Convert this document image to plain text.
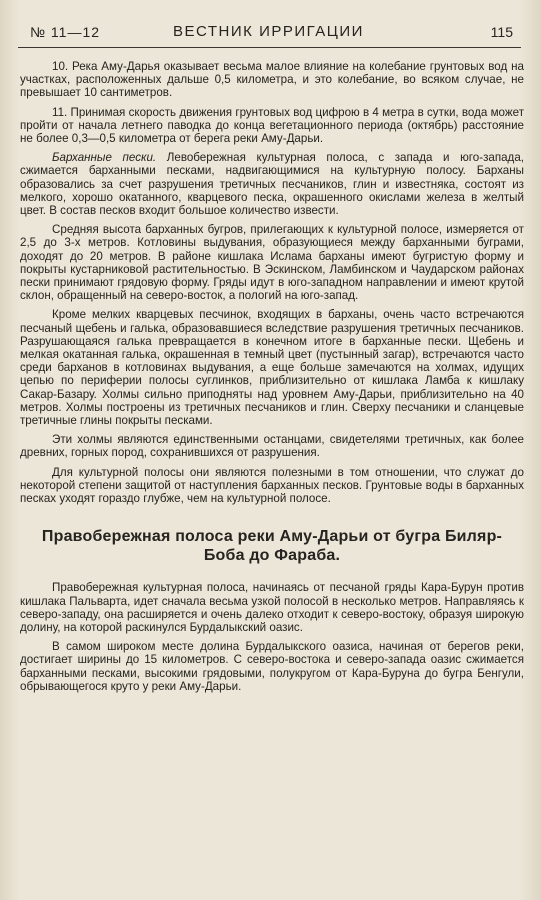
№ 11—12	ВЕСТНИК ИРРИГАЦИИ	115

10. Река Аму-Дарья оказывает весьма малое влияние на колебание грунтовых вод на участках, расположенных дальше 0,5 километра, и это колебание, во всяком случае, не превышает 10 сантиметров.

11. Принимая скорость движения грунтовых вод цифрою в 4 метра в сутки, вода может пройти от начала летнего паводка до конца вегетационного периода (октябрь) расстояние не более 0,3—0,5 километра от берега реки Аму-Дарьи.

Барханные пески. Левобережная культурная полоса, с запада и юго-запада, сжимается барханными песками, надвигающимися на культурную полосу. Барханы образовались за счет разрушения третичных песчаников, глин и известняка, состоят из мелкого, хорошо окатанного, кварцевого песка, окрашенного окислами железа в желтый цвет. В состав песков входит большое количество извести.

Средняя высота барханных бугров, прилегающих к культурной полосе, измеряется от 2,5 до 3-х метров. Котловины выдувания, образующиеся между барханными буграми, доходят до 20 метров. В районе кишлака Ислама барханы имеют бугристую форму и покрыты кустарниковой растительностью. В Эскинском, Ламбинском и Чаударском районах пески принимают грядовую форму. Гряды идут в юго-западном направлении и имеют крутой склон, обращенный на северо-восток, а пологий на юго-запад.

Кроме мелких кварцевых песчинок, входящих в барханы, очень часто встречаются песчаный щебень и галька, образовавшиеся вследствие разрушения третичных песчаников. Разрушающаяся галька превращается в конечном итоге в барханные пески. Щебень и мелкая окатанная галька, окрашенная в темный цвет (пустынный загар), встречаются часто среди барханов в котловинах выдувания, а еще больше замечаются на холмах, идущих цепью по периферии полосы суглинков, приблизительно от кишлака Ламба к кишлаку Сакар-Базару. Холмы сильно приподняты над уровнем Аму-Дарьи, приблизительно на 40 метров. Холмы построены из третичных песчаников и глин. Сверху песчаники и сланцевые третичные глины покрыты песками.

Эти холмы являются единственными останцами, свидетелями третичных, как более древних, горных пород, сохранившихся от разрушения.

Для культурной полосы они являются полезными в том отношении, что служат до некоторой степени защитой от наступления барханных песков. Грунтовые воды в барханных песках уходят гораздо глубже, чем на культурной полосе.

Правобережная полоса реки Аму-Дарьи от бугра Биляр-Боба до Фараба.

Правобережная культурная полоса, начинаясь от песчаной гряды Кара-Бурун против кишлака Пальварта, идет сначала весьма узкой полосой в несколько метров. Направляясь к северо-западу, она расширяется и очень далеко отходит к северо-востоку, образуя широкую долину, на которой раскинулся Бурдалыкский оазис.

В самом широком месте долина Бурдалыкского оазиса, начиная от берегов реки, достигает ширины до 15 километров. С северо-востока и северо-запада оазис сжимается барханными песками, высокими грядовыми, полукругом от Кара-Буруна до бугра Бенгули, обрывающегося круто у реки Аму-Дарьи.
